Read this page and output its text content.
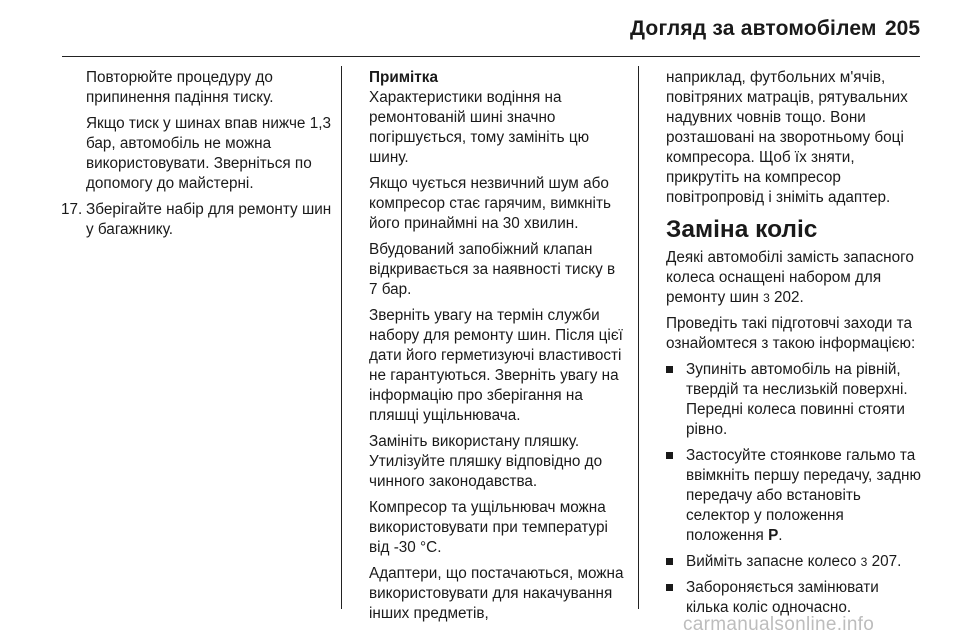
Догляд за автомобілем 205

Повторюйте процедуру до припинення падіння тиску.

Якщо тиск у шинах впав нижче 1,3 бар, автомобіль не можна використовувати. Зверніться по допомогу до майстерні.

17. Зберігайте набір для ремонту шин у багажнику.
Примітка

Характеристики водіння на ремонтованій шині значно погіршується, тому замініть цю шину.

Якщо чується незвичний шум або компресор стає гарячим, вимкніть його принаймні на 30 хвилин.

Вбудований запобіжний клапан відкривається за наявності тиску в 7 бар.

Зверніть увагу на термін служби набору для ремонту шин. Після цієї дати його герметизуючі властивості не гарантуються. Зверніть увагу на інформацію про зберігання на пляшці ущільнювача.

Замініть використану пляшку. Утилізуйте пляшку відповідно до чинного законодавства.

Компресор та ущільнювач можна використовувати при температурі від -30 °C.

Адаптери, що постачаються, можна використовувати для накачування інших предметів,

наприклад, футбольних м'ячів, повітряних матраців, рятувальних надувних човнів тощо. Вони розташовані на зворотньому боці компресора. Щоб їх зняти, прикрутіть на компресор повітропровід і зніміть адаптер.

Заміна коліс

Деякі автомобілі замість запасного колеса оснащені набором для ремонту шин 3 202.

Проведіть такі підготовчі заходи та ознайомтеся з такою інформацією:

Зупиніть автомобіль на рівній, твердій та неслизькій поверхні. Передні колеса повинні стояти рівно.
Застосуйте стоянкове гальмо та ввімкніть першу передачу, задню передачу або встановіть селектор у положення положення P.
Вийміть запасне колесо 3 207.
Забороняється замінювати кілька коліс одночасно.
carmanualsonline.info
